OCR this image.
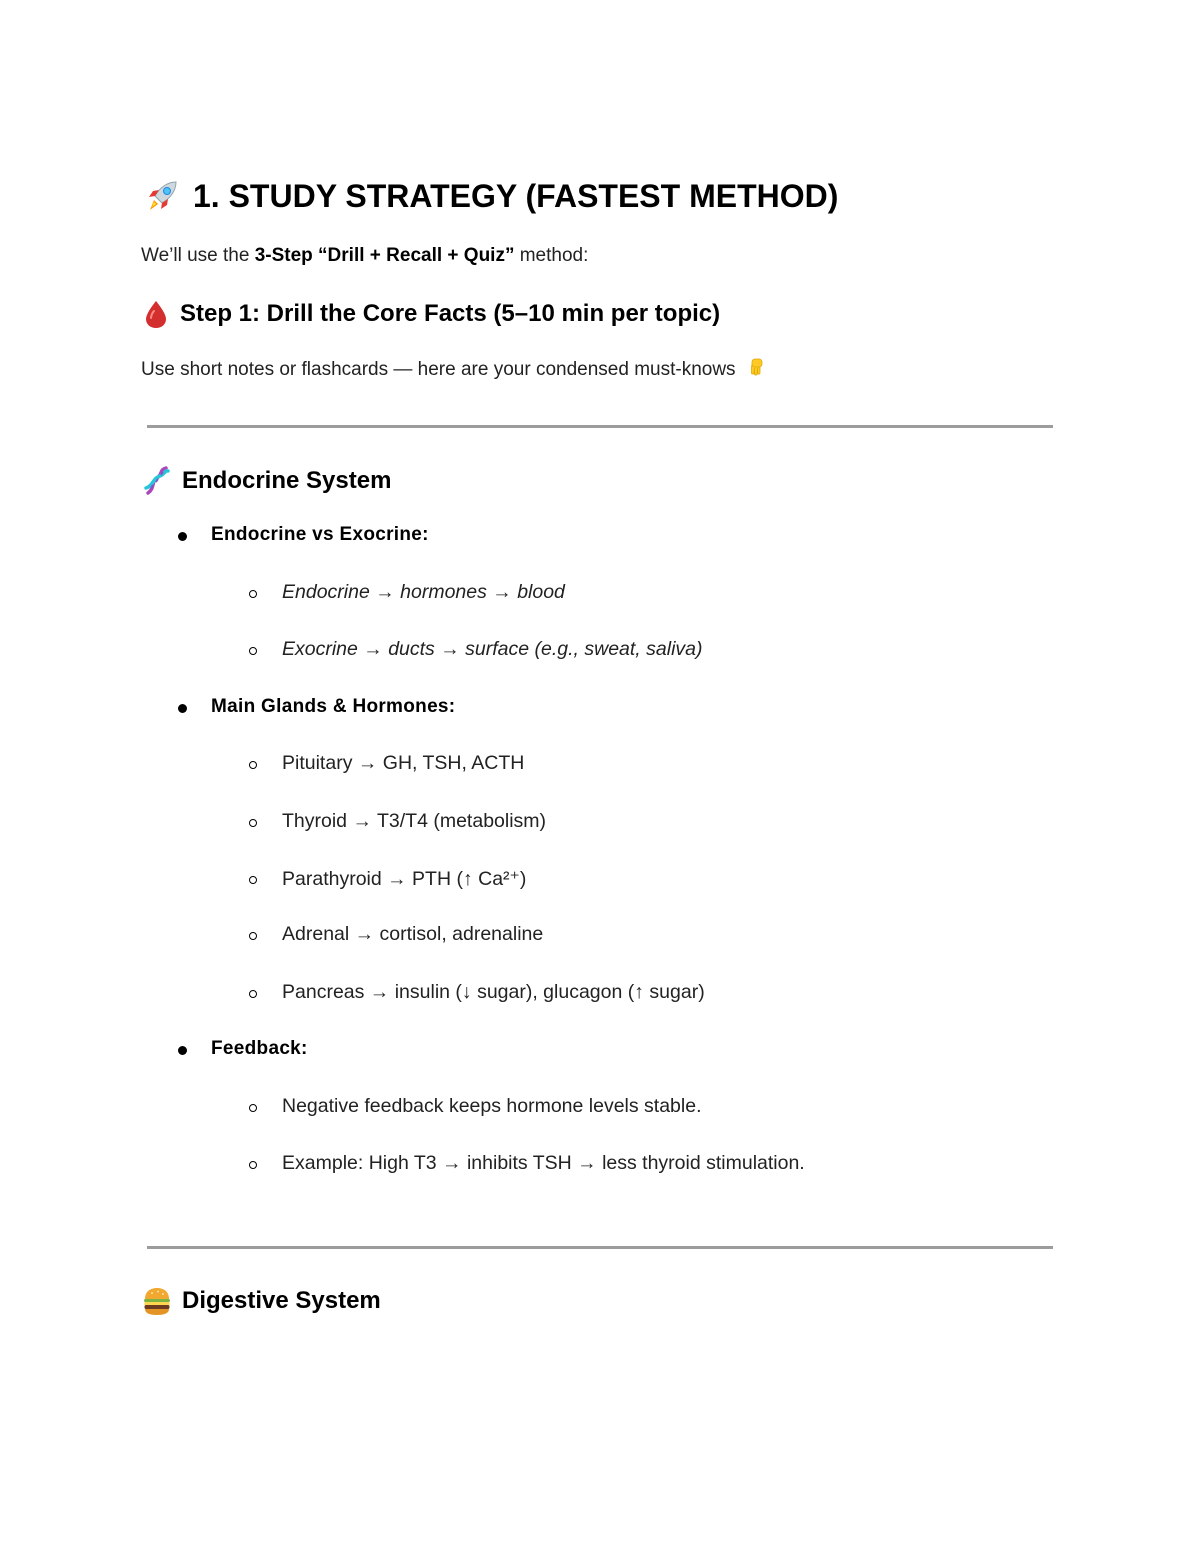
1. STUDY STRATEGY (FASTEST METHOD)
We’ll use the 3-Step “Drill + Recall + Quiz” method:
Step 1: Drill the Core Facts (5–10 min per topic)
Use short notes or flashcards — here are your condensed must-knows
Endocrine System
Endocrine vs Exocrine:
Endocrine → hormones → blood
Exocrine → ducts → surface (e.g., sweat, saliva)
Main Glands & Hormones:
Pituitary → GH, TSH, ACTH
Thyroid → T3/T4 (metabolism)
Parathyroid → PTH (↑ Ca²⁺)
Adrenal → cortisol, adrenaline
Pancreas → insulin (↓ sugar), glucagon (↑ sugar)
Feedback:
Negative feedback keeps hormone levels stable.
Example: High T3 → inhibits TSH → less thyroid stimulation.
Digestive System
